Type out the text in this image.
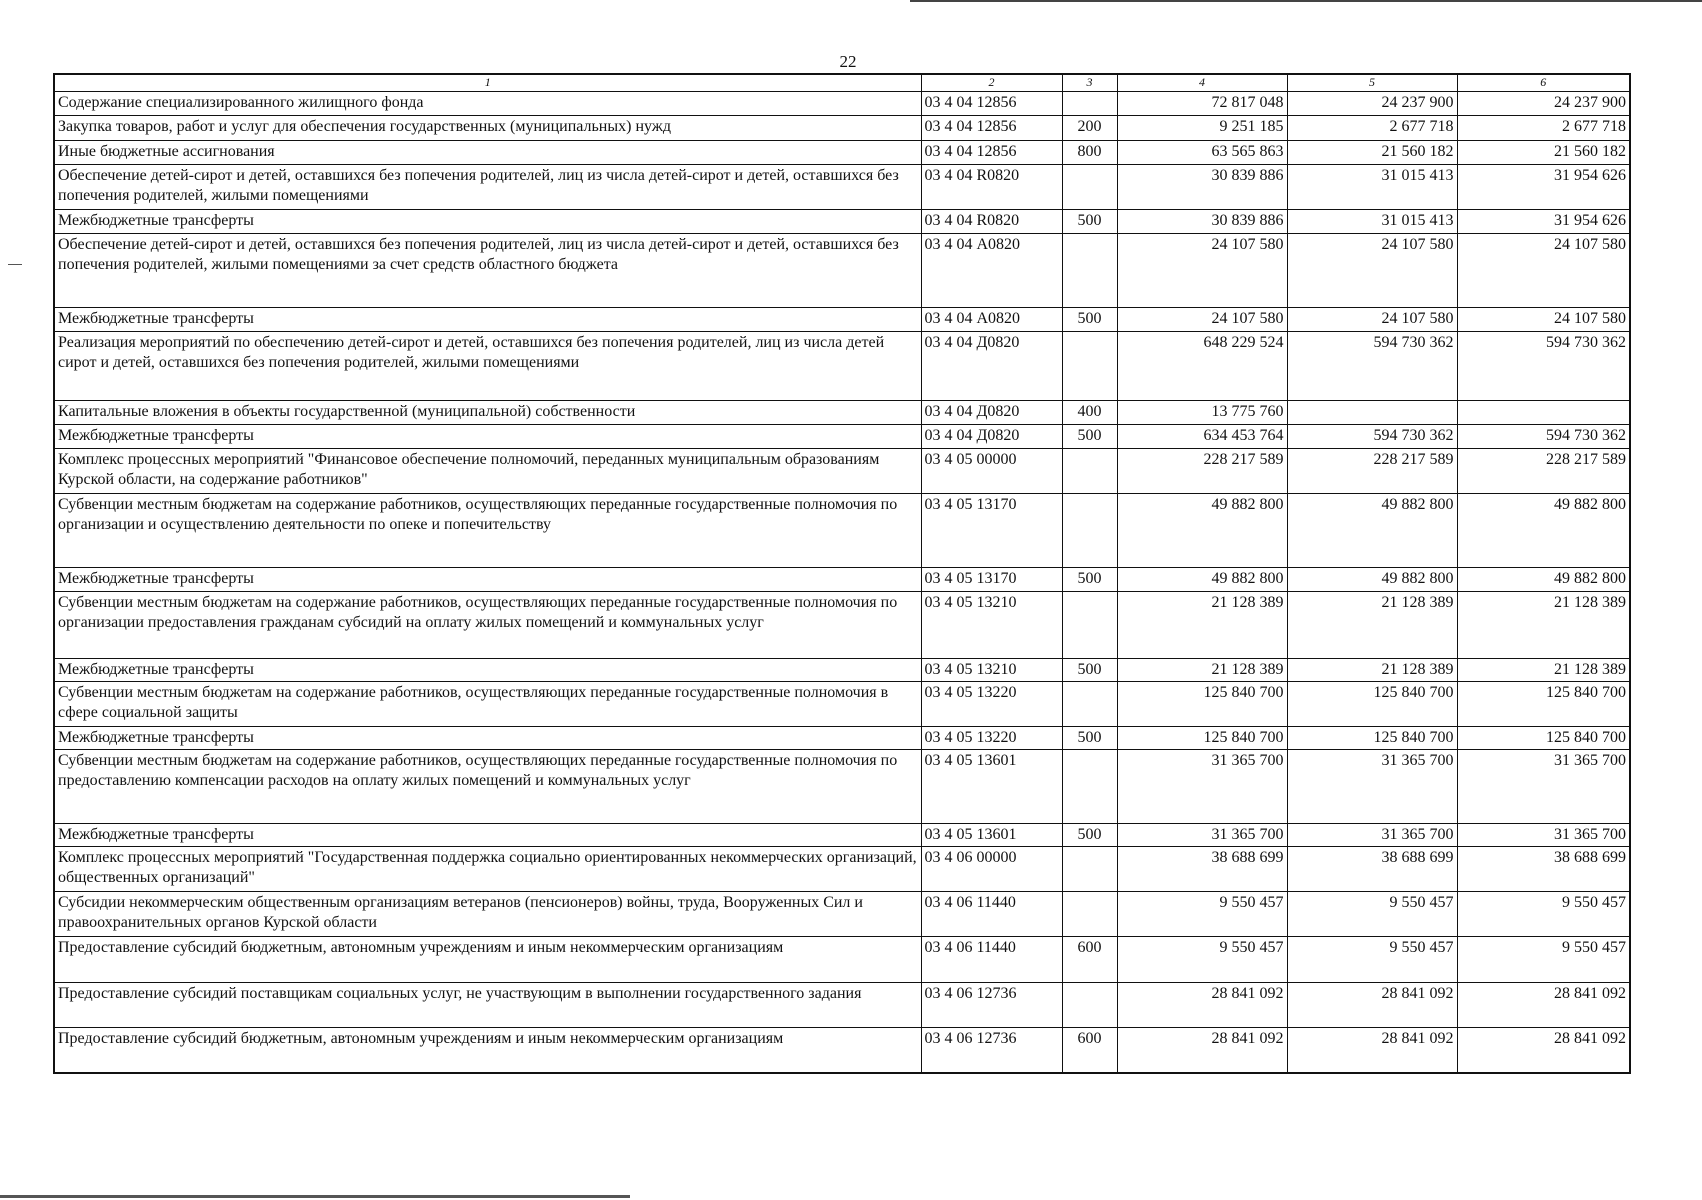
22
1	2	3	4	5	6
Содержание специализированного жилищного фонда	03 4 04 12856		72 817 048	24 237 900	24 237 900
Закупка товаров, работ и услуг для обеспечения государственных (муниципальных) нужд	03 4 04 12856	200	9 251 185	2 677 718	2 677 718
Иные бюджетные ассигнования	03 4 04 12856	800	63 565 863	21 560 182	21 560 182
Обеспечение детей-сирот и детей, оставшихся без попечения родителей, лиц из числа детей-сирот и детей, оставшихся без попечения родителей, жилыми помещениями	03 4 04 R0820		30 839 886	31 015 413	31 954 626
Межбюджетные трансферты	03 4 04 R0820	500	30 839 886	31 015 413	31 954 626
Обеспечение детей-сирот и детей, оставшихся без попечения родителей, лиц из числа детей-сирот и детей, оставшихся без попечения родителей, жилыми помещениями за счет средств областного бюджета	03 4 04 А0820		24 107 580	24 107 580	24 107 580
Межбюджетные трансферты	03 4 04 А0820	500	24 107 580	24 107 580	24 107 580
Реализация мероприятий по обеспечению детей-сирот и детей, оставшихся без попечения родителей, лиц из числа детей сирот и детей, оставшихся без попечения родителей, жилыми помещениями	03 4 04 Д0820		648 229 524	594 730 362	594 730 362
Капитальные вложения в объекты государственной (муниципальной) собственности	03 4 04 Д0820	400	13 775 760		
Межбюджетные трансферты	03 4 04 Д0820	500	634 453 764	594 730 362	594 730 362
Комплекс процессных мероприятий "Финансовое обеспечение полномочий, переданных муниципальным образованиям Курской области, на содержание работников"	03 4 05 00000		228 217 589	228 217 589	228 217 589
Субвенции местным бюджетам на содержание работников, осуществляющих переданные государственные полномочия по организации и осуществлению деятельности по опеке и попечительству	03 4 05 13170		49 882 800	49 882 800	49 882 800
Межбюджетные трансферты	03 4 05 13170	500	49 882 800	49 882 800	49 882 800
Субвенции местным бюджетам на содержание работников, осуществляющих переданные государственные полномочия по организации предоставления гражданам субсидий на оплату жилых помещений и коммунальных услуг	03 4 05 13210		21 128 389	21 128 389	21 128 389
Межбюджетные трансферты	03 4 05 13210	500	21 128 389	21 128 389	21 128 389
Субвенции местным бюджетам на содержание работников, осуществляющих переданные государственные полномочия в сфере социальной защиты	03 4 05 13220		125 840 700	125 840 700	125 840 700
Межбюджетные трансферты	03 4 05 13220	500	125 840 700	125 840 700	125 840 700
Субвенции местным бюджетам на содержание работников, осуществляющих переданные государственные полномочия по предоставлению компенсации расходов на оплату жилых помещений и коммунальных услуг	03 4 05 13601		31 365 700	31 365 700	31 365 700
Межбюджетные трансферты	03 4 05 13601	500	31 365 700	31 365 700	31 365 700
Комплекс процессных мероприятий "Государственная поддержка социально ориентированных некоммерческих организаций, общественных организаций"	03 4 06 00000		38 688 699	38 688 699	38 688 699
Субсидии некоммерческим общественным организациям ветеранов (пенсионеров) войны, труда, Вооруженных Сил и правоохранительных органов Курской области	03 4 06 11440		9 550 457	9 550 457	9 550 457
Предоставление субсидий бюджетным, автономным учреждениям и иным некоммерческим организациям	03 4 06 11440	600	9 550 457	9 550 457	9 550 457
Предоставление субсидий поставщикам социальных услуг, не участвующим в выполнении государственного задания	03 4 06 12736		28 841 092	28 841 092	28 841 092
Предоставление субсидий бюджетным, автономным учреждениям и иным некоммерческим организациям	03 4 06 12736	600	28 841 092	28 841 092	28 841 092
